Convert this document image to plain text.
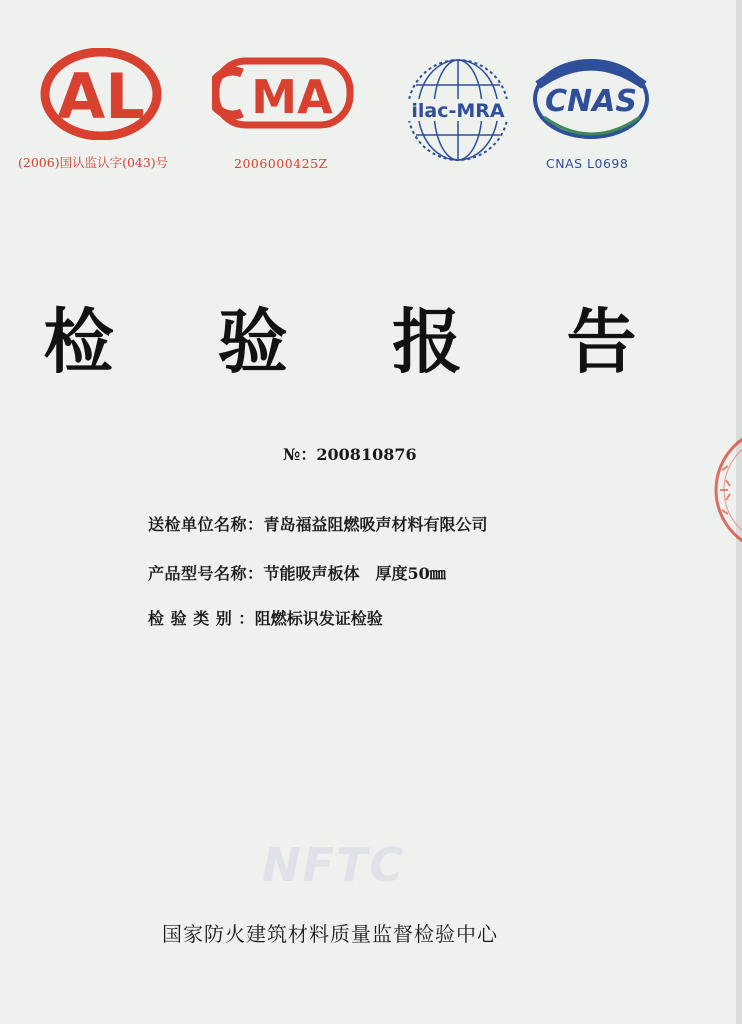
AL
(2006)国认监认字(043)号
MA
2006000425Z
ilac-MRA CNAS
CNAS L0698
检 验 报 告
№：200810876
送检单位名称：青岛福益阻燃吸声材料有限公司
产品型号名称：节能吸声板体　厚度50㎜
检 验 类 别 ：阻燃标识发证检验
NFTC
国家防火建筑材料质量监督检验中心
